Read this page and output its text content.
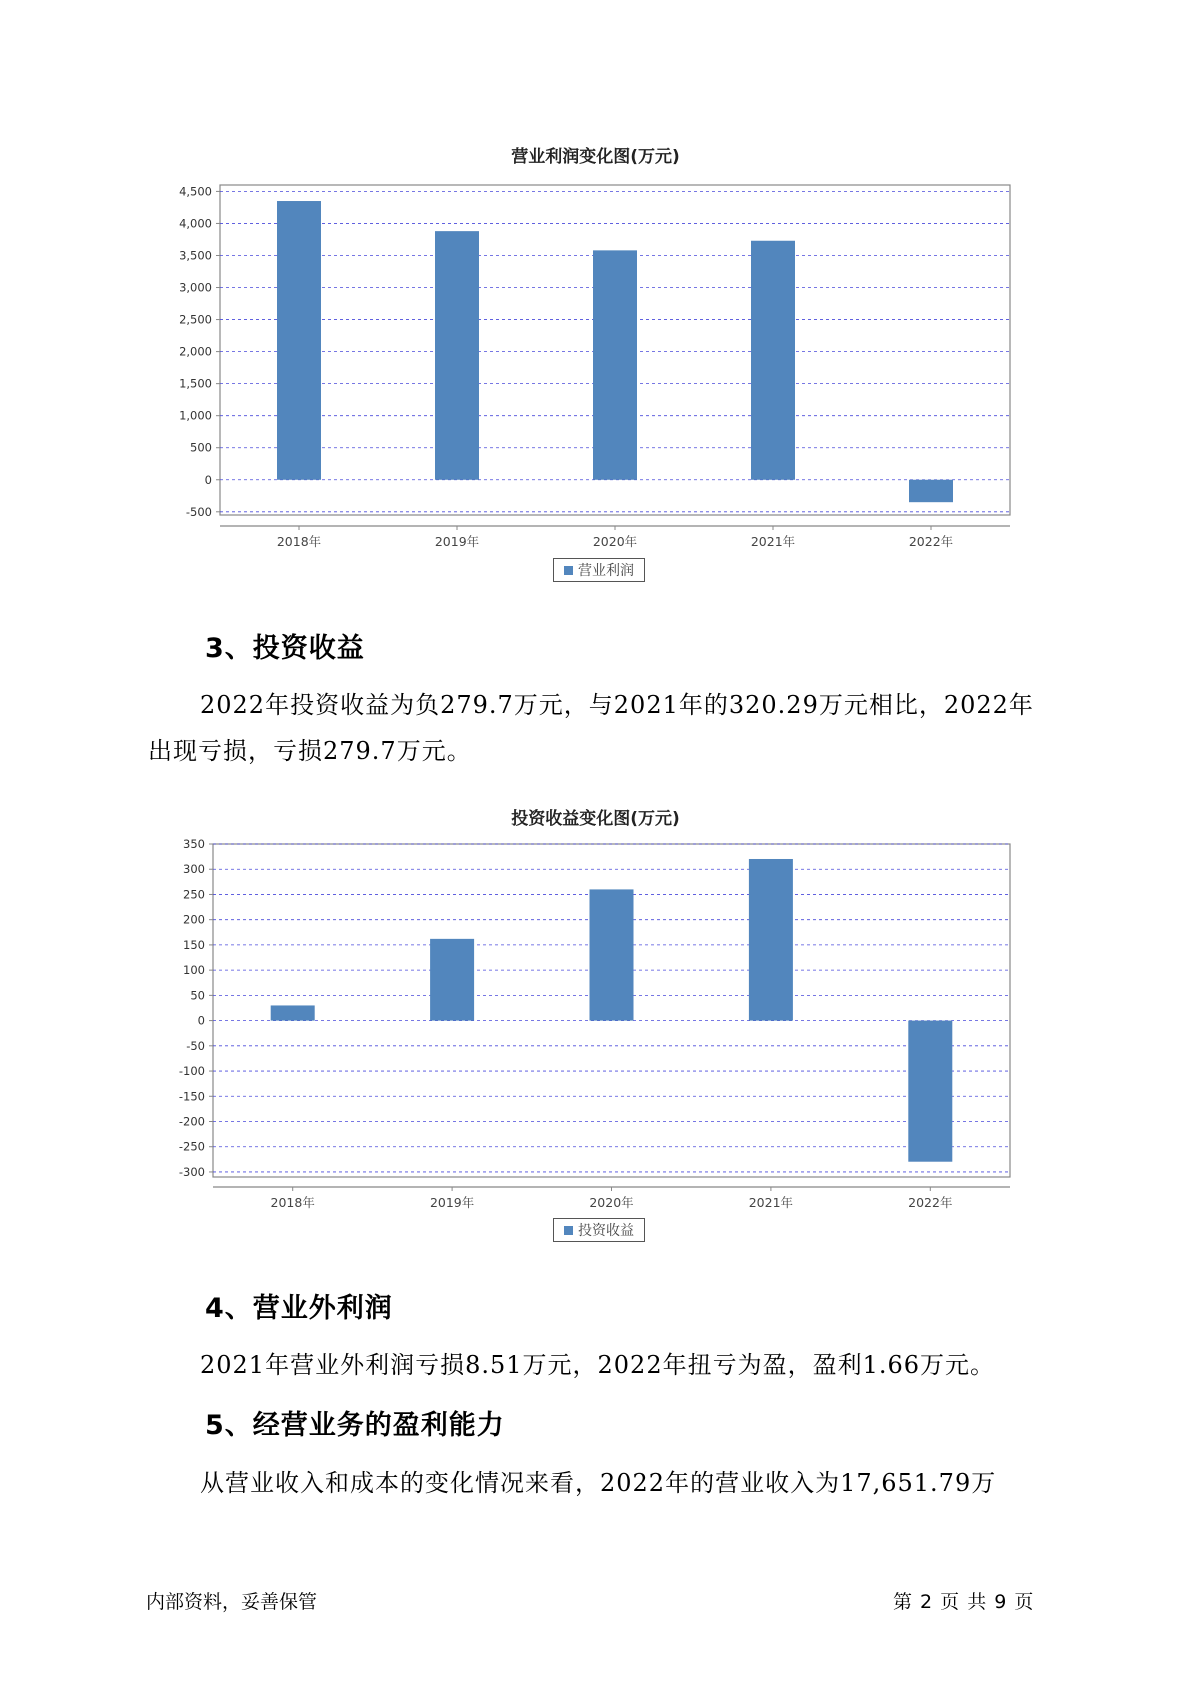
营业利润变化图(万元)
4,500
4,000
3,500
3,000
2,500
2,000
1,500
1,000
500
0
-500
2018年	2019年	2020年	2021年	2022年
营业利润
3、投资收益
2022年投资收益为负279.7万元，与2021年的320.29万元相比，2022年
出现亏损，亏损279.7万元。
投资收益变化图(万元)
350
300
250
200
150
100
50
0
-50
-100
-150
-200
-250
-300
2018年	2019年	2020年	2021年	2022年
投资收益
4、营业外利润
2021年营业外利润亏损8.51万元，2022年扭亏为盈，盈利1.66万元。
5、经营业务的盈利能力
从营业收入和成本的变化情况来看，2022年的营业收入为17,651.79万
内部资料，妥善保管	第 2 页 共 9 页
